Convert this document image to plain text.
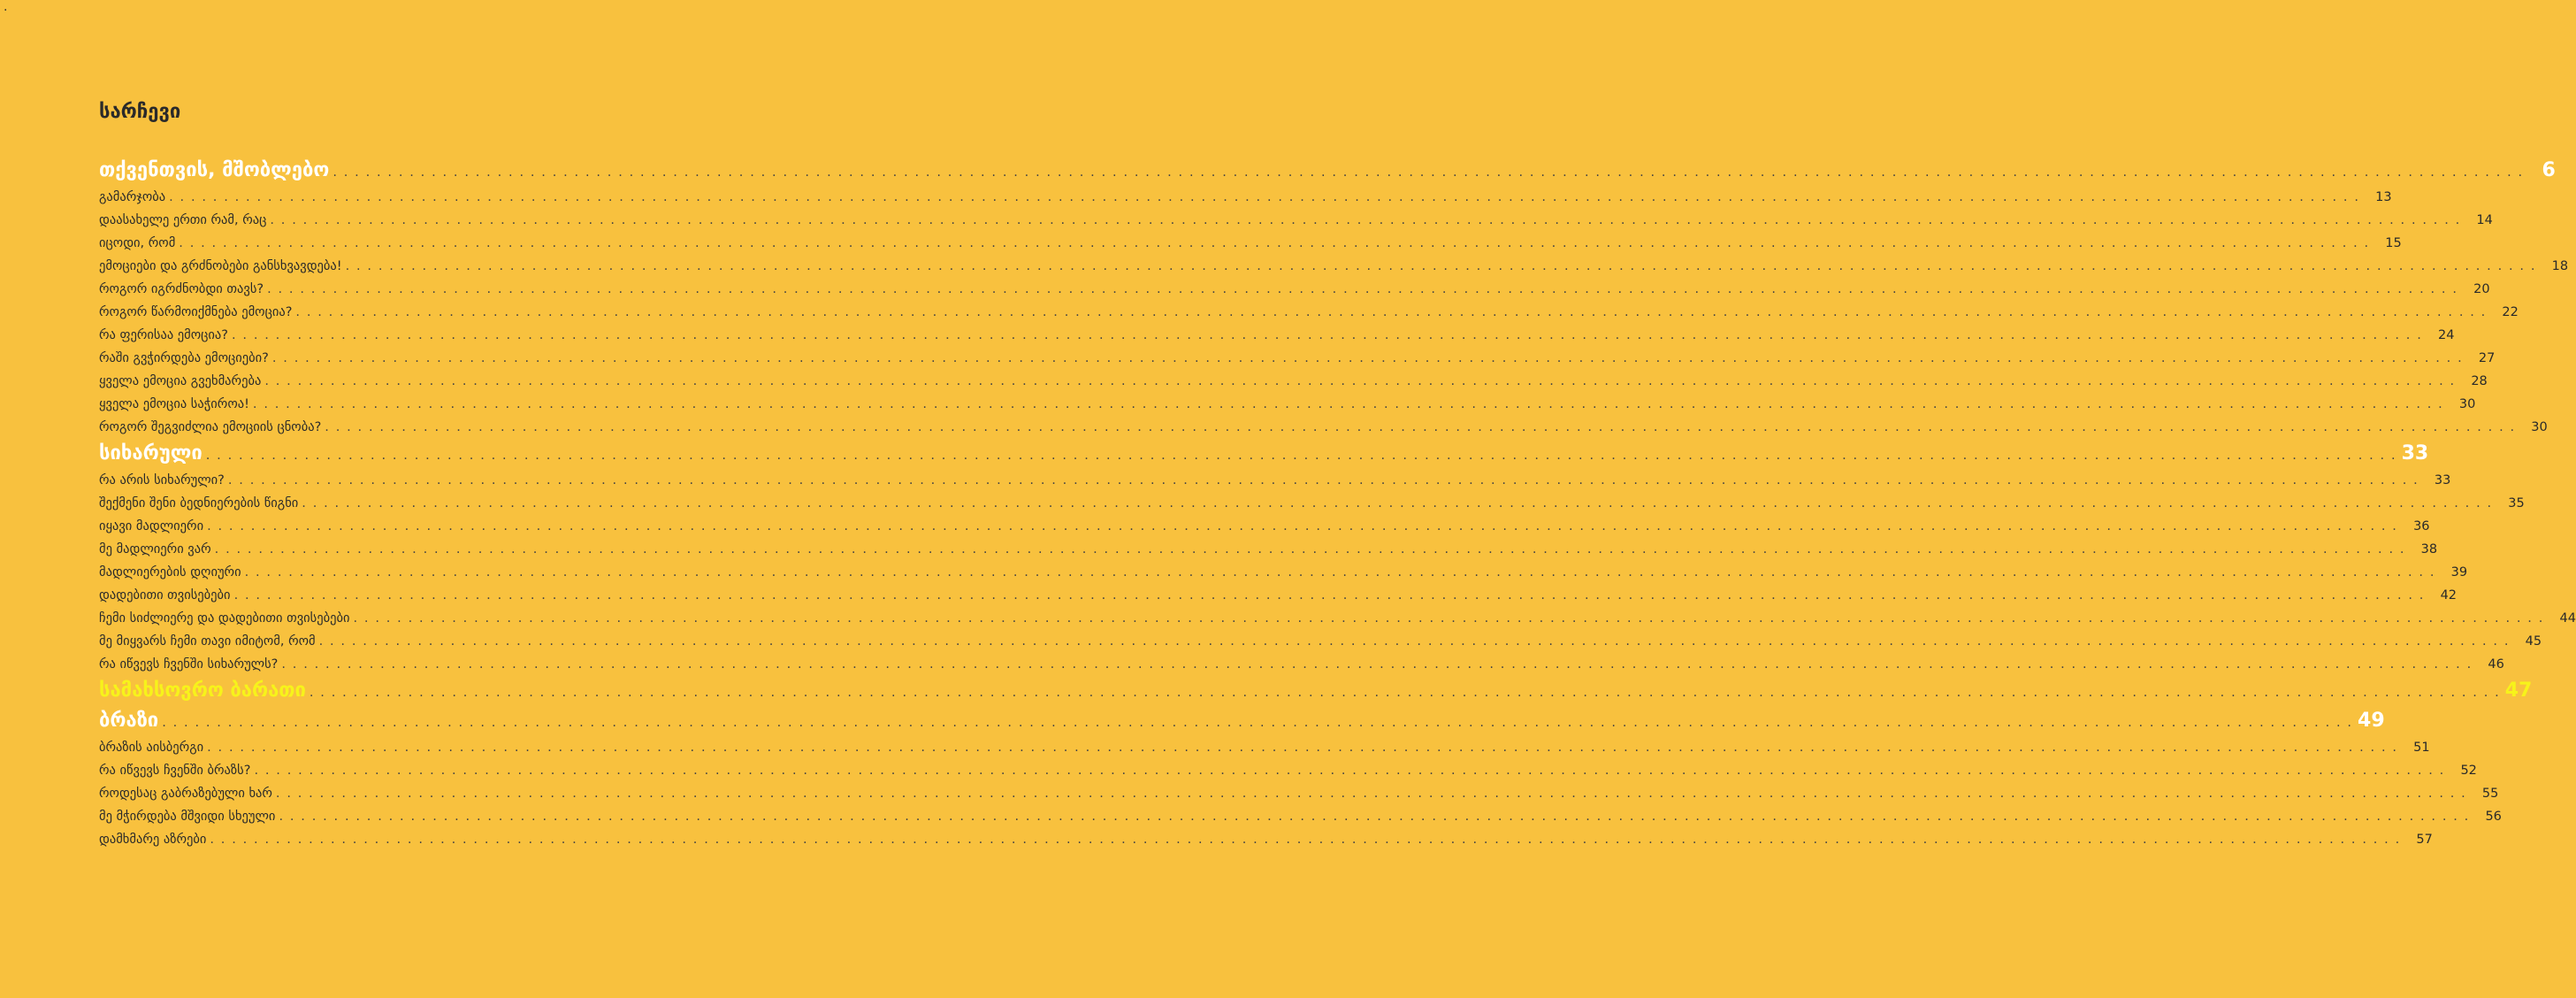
.
სარჩევი
თქვენთვის, მშობლებო . . . . . . . . . . . . . . . . . . . . . . . . . . . . . . . . . . . . . . . . . . . . . . . . . . . . . . . . . . . . . . . . . . . . . . . . . . . . . . . . . . . . . . . . . . . . . . . . . . . . . . . . . . . . . . . . . . . . . . . . . . . . . . . . . . . . . . . . . . . . . . . . . . . . . . . . . . . . . . . . . . . . . . . . . . . . . . . . . . . . . . . . . . . . . . . . . . . . . . . . 6
გამარჯობა . . . . . . . . . . . . . . . . . . . . . . . . . . . . . . . . . . . . . . . . . . . . . . . . . . . . . . . . . . . . . . . . . . . . . . . . . . . . . . . . . . . . . . . . . . . . . . . . . . . . . . . . . . . . . . . . . . . . . . . . . . . . . . . . . . . . . . . . . . . . . . . . . . . . . . . . . . . . . . . . . . . . . . . . . . . . . . . . . . . . . . . . . . . . . . . . . . . . . . . .	13
დაასახელე ერთი რამ, რაც . . . . . . . . . . . . . . . . . . . . . . . . . . . . . . . . . . . . . . . . . . . . . . . . . . . . . . . . . . . . . . . . . . . . . . . . . . . . . . . . . . . . . . . . . . . . . . . . . . . . . . . . . . . . . . . . . . . . . . . . . . . . . . . . . . . . . . . . . . . . . . . . . . . . . . . . . . . . . . . . . . . . . . . . . . . . . . . . . . . . . . . . . . . . . . . . . . . . . . . .	14
იცოდი, რომ . . . . . . . . . . . . . . . . . . . . . . . . . . . . . . . . . . . . . . . . . . . . . . . . . . . . . . . . . . . . . . . . . . . . . . . . . . . . . . . . . . . . . . . . . . . . . . . . . . . . . . . . . . . . . . . . . . . . . . . . . . . . . . . . . . . . . . . . . . . . . . . . . . . . . . . . . . . . . . . . . . . . . . . . . . . . . . . . . . . . . . . . . . . . . . . . . . . . . . . .	15
ემოციები და გრძნობები განსხვავდება! . . . . . . . . . . . . . . . . . . . . . . . . . . . . . . . . . . . . . . . . . . . . . . . . . . . . . . . . . . . . . . . . . . . . . . . . . . . . . . . . . . . . . . . . . . . . . . . . . . . . . . . . . . . . . . . . . . . . . . . . . . . . . . . . . . . . . . . . . . . . . . . . . . . . . . . . . . . . . . . . . . . . . . . . . . . . . . . . . . . . . . . . . . . . . . . . . . . . . . . .	18
როგორ იგრძნობდი თავს? . . . . . . . . . . . . . . . . . . . . . . . . . . . . . . . . . . . . . . . . . . . . . . . . . . . . . . . . . . . . . . . . . . . . . . . . . . . . . . . . . . . . . . . . . . . . . . . . . . . . . . . . . . . . . . . . . . . . . . . . . . . . . . . . . . . . . . . . . . . . . . . . . . . . . . . . . . . . . . . . . . . . . . . . . . . . . . . . . . . . . . . . . . . . . . . . . . . . . . . .	20
როგორ წარმოიქმნება ემოცია? . . . . . . . . . . . . . . . . . . . . . . . . . . . . . . . . . . . . . . . . . . . . . . . . . . . . . . . . . . . . . . . . . . . . . . . . . . . . . . . . . . . . . . . . . . . . . . . . . . . . . . . . . . . . . . . . . . . . . . . . . . . . . . . . . . . . . . . . . . . . . . . . . . . . . . . . . . . . . . . . . . . . . . . . . . . . . . . . . . . . . . . . . . . . . . . . . . . . . . . .	22
რა ფერისაა ემოცია? . . . . . . . . . . . . . . . . . . . . . . . . . . . . . . . . . . . . . . . . . . . . . . . . . . . . . . . . . . . . . . . . . . . . . . . . . . . . . . . . . . . . . . . . . . . . . . . . . . . . . . . . . . . . . . . . . . . . . . . . . . . . . . . . . . . . . . . . . . . . . . . . . . . . . . . . . . . . . . . . . . . . . . . . . . . . . . . . . . . . . . . . . . . . . . . . . . . . . . . .	24
რაში გვჭირდება ემოციები? . . . . . . . . . . . . . . . . . . . . . . . . . . . . . . . . . . . . . . . . . . . . . . . . . . . . . . . . . . . . . . . . . . . . . . . . . . . . . . . . . . . . . . . . . . . . . . . . . . . . . . . . . . . . . . . . . . . . . . . . . . . . . . . . . . . . . . . . . . . . . . . . . . . . . . . . . . . . . . . . . . . . . . . . . . . . . . . . . . . . . . . . . . . . . . . . . . . . . . . .	27
ყველა ემოცია გვეხმარება . . . . . . . . . . . . . . . . . . . . . . . . . . . . . . . . . . . . . . . . . . . . . . . . . . . . . . . . . . . . . . . . . . . . . . . . . . . . . . . . . . . . . . . . . . . . . . . . . . . . . . . . . . . . . . . . . . . . . . . . . . . . . . . . . . . . . . . . . . . . . . . . . . . . . . . . . . . . . . . . . . . . . . . . . . . . . . . . . . . . . . . . . . . . . . . . . . . . . . . .	28
ყველა ემოცია საჭიროა! . . . . . . . . . . . . . . . . . . . . . . . . . . . . . . . . . . . . . . . . . . . . . . . . . . . . . . . . . . . . . . . . . . . . . . . . . . . . . . . . . . . . . . . . . . . . . . . . . . . . . . . . . . . . . . . . . . . . . . . . . . . . . . . . . . . . . . . . . . . . . . . . . . . . . . . . . . . . . . . . . . . . . . . . . . . . . . . . . . . . . . . . . . . . . . . . . . . . . . . .	30
როგორ შეგვიძლია ემოციის ცნობა? . . . . . . . . . . . . . . . . . . . . . . . . . . . . . . . . . . . . . . . . . . . . . . . . . . . . . . . . . . . . . . . . . . . . . . . . . . . . . . . . . . . . . . . . . . . . . . . . . . . . . . . . . . . . . . . . . . . . . . . . . . . . . . . . . . . . . . . . . . . . . . . . . . . . . . . . . . . . . . . . . . . . . . . . . . . . . . . . . . . . . . . . . . . . . . . . . . . . . . . .	30
სიხარული . . . . . . . . . . . . . . . . . . . . . . . . . . . . . . . . . . . . . . . . . . . . . . . . . . . . . . . . . . . . . . . . . . . . . . . . . . . . . . . . . . . . . . . . . . . . . . . . . . . . . . . . . . . . . . . . . . . . . . . . . . . . . . . . . . . . . . . . . . . . . . . . . . . . . . . . . . . . . . . . . . . . . . . . . . . . . . . . . . . . . . . . . . . . . . . . . . . . . . . . 33
რა არის სიხარული? . . . . . . . . . . . . . . . . . . . . . . . . . . . . . . . . . . . . . . . . . . . . . . . . . . . . . . . . . . . . . . . . . . . . . . . . . . . . . . . . . . . . . . . . . . . . . . . . . . . . . . . . . . . . . . . . . . . . . . . . . . . . . . . . . . . . . . . . . . . . . . . . . . . . . . . . . . . . . . . . . . . . . . . . . . . . . . . . . . . . . . . . . . . . . . . . . . . . . . . .	33
შექმენი შენი ბედნიერების წიგნი . . . . . . . . . . . . . . . . . . . . . . . . . . . . . . . . . . . . . . . . . . . . . . . . . . . . . . . . . . . . . . . . . . . . . . . . . . . . . . . . . . . . . . . . . . . . . . . . . . . . . . . . . . . . . . . . . . . . . . . . . . . . . . . . . . . . . . . . . . . . . . . . . . . . . . . . . . . . . . . . . . . . . . . . . . . . . . . . . . . . . . . . . . . . . . . . . . . . . . . .	35
იყავი მადლიერი . . . . . . . . . . . . . . . . . . . . . . . . . . . . . . . . . . . . . . . . . . . . . . . . . . . . . . . . . . . . . . . . . . . . . . . . . . . . . . . . . . . . . . . . . . . . . . . . . . . . . . . . . . . . . . . . . . . . . . . . . . . . . . . . . . . . . . . . . . . . . . . . . . . . . . . . . . . . . . . . . . . . . . . . . . . . . . . . . . . . . . . . . . . . . . . . . . . . . . . .	36
მე მადლიერი ვარ . . . . . . . . . . . . . . . . . . . . . . . . . . . . . . . . . . . . . . . . . . . . . . . . . . . . . . . . . . . . . . . . . . . . . . . . . . . . . . . . . . . . . . . . . . . . . . . . . . . . . . . . . . . . . . . . . . . . . . . . . . . . . . . . . . . . . . . . . . . . . . . . . . . . . . . . . . . . . . . . . . . . . . . . . . . . . . . . . . . . . . . . . . . . . . . . . . . . . . . .	38
მადლიერების დღიური . . . . . . . . . . . . . . . . . . . . . . . . . . . . . . . . . . . . . . . . . . . . . . . . . . . . . . . . . . . . . . . . . . . . . . . . . . . . . . . . . . . . . . . . . . . . . . . . . . . . . . . . . . . . . . . . . . . . . . . . . . . . . . . . . . . . . . . . . . . . . . . . . . . . . . . . . . . . . . . . . . . . . . . . . . . . . . . . . . . . . . . . . . . . . . . . . . . . . . . .	39
დადებითი თვისებები . . . . . . . . . . . . . . . . . . . . . . . . . . . . . . . . . . . . . . . . . . . . . . . . . . . . . . . . . . . . . . . . . . . . . . . . . . . . . . . . . . . . . . . . . . . . . . . . . . . . . . . . . . . . . . . . . . . . . . . . . . . . . . . . . . . . . . . . . . . . . . . . . . . . . . . . . . . . . . . . . . . . . . . . . . . . . . . . . . . . . . . . . . . . . . . . . . . . . . . .	42
ჩემი სიძლიერე და დადებითი თვისებები . . . . . . . . . . . . . . . . . . . . . . . . . . . . . . . . . . . . . . . . . . . . . . . . . . . . . . . . . . . . . . . . . . . . . . . . . . . . . . . . . . . . . . . . . . . . . . . . . . . . . . . . . . . . . . . . . . . . . . . . . . . . . . . . . . . . . . . . . . . . . . . . . . . . . . . . . . . . . . . . . . . . . . . . . . . . . . . . . . . . . . . . . . . . . . . . . . . . . . . .	44
მე მიყვარს ჩემი თავი იმიტომ, რომ . . . . . . . . . . . . . . . . . . . . . . . . . . . . . . . . . . . . . . . . . . . . . . . . . . . . . . . . . . . . . . . . . . . . . . . . . . . . . . . . . . . . . . . . . . . . . . . . . . . . . . . . . . . . . . . . . . . . . . . . . . . . . . . . . . . . . . . . . . . . . . . . . . . . . . . . . . . . . . . . . . . . . . . . . . . . . . . . . . . . . . . . . . . . . . . . . . . . . . . .	45
რა იწვევს ჩვენში სიხარულს? . . . . . . . . . . . . . . . . . . . . . . . . . . . . . . . . . . . . . . . . . . . . . . . . . . . . . . . . . . . . . . . . . . . . . . . . . . . . . . . . . . . . . . . . . . . . . . . . . . . . . . . . . . . . . . . . . . . . . . . . . . . . . . . . . . . . . . . . . . . . . . . . . . . . . . . . . . . . . . . . . . . . . . . . . . . . . . . . . . . . . . . . . . . . . . . . . . . . . . . .	46
სამახსოვრო ბარათი . . . . . . . . . . . . . . . . . . . . . . . . . . . . . . . . . . . . . . . . . . . . . . . . . . . . . . . . . . . . . . . . . . . . . . . . . . . . . . . . . . . . . . . . . . . . . . . . . . . . . . . . . . . . . . . . . . . . . . . . . . . . . . . . . . . . . . . . . . . . . . . . . . . . . . . . . . . . . . . . . . . . . . . . . . . . . . . . . . . . . . . . . . . . . . . . . . . . . . . . 47
ბრაზი . . . . . . . . . . . . . . . . . . . . . . . . . . . . . . . . . . . . . . . . . . . . . . . . . . . . . . . . . . . . . . . . . . . . . . . . . . . . . . . . . . . . . . . . . . . . . . . . . . . . . . . . . . . . . . . . . . . . . . . . . . . . . . . . . . . . . . . . . . . . . . . . . . . . . . . . . . . . . . . . . . . . . . . . . . . . . . . . . . . . . . . . . . . . . . . . . . . . . . . . 49
ბრაზის აისბერგი . . . . . . . . . . . . . . . . . . . . . . . . . . . . . . . . . . . . . . . . . . . . . . . . . . . . . . . . . . . . . . . . . . . . . . . . . . . . . . . . . . . . . . . . . . . . . . . . . . . . . . . . . . . . . . . . . . . . . . . . . . . . . . . . . . . . . . . . . . . . . . . . . . . . . . . . . . . . . . . . . . . . . . . . . . . . . . . . . . . . . . . . . . . . . . . . . . . . . . . .	51
რა იწვევს ჩვენში ბრაზს? . . . . . . . . . . . . . . . . . . . . . . . . . . . . . . . . . . . . . . . . . . . . . . . . . . . . . . . . . . . . . . . . . . . . . . . . . . . . . . . . . . . . . . . . . . . . . . . . . . . . . . . . . . . . . . . . . . . . . . . . . . . . . . . . . . . . . . . . . . . . . . . . . . . . . . . . . . . . . . . . . . . . . . . . . . . . . . . . . . . . . . . . . . . . . . . . . . . . . . . .	52
როდესაც გაბრაზებული ხარ . . . . . . . . . . . . . . . . . . . . . . . . . . . . . . . . . . . . . . . . . . . . . . . . . . . . . . . . . . . . . . . . . . . . . . . . . . . . . . . . . . . . . . . . . . . . . . . . . . . . . . . . . . . . . . . . . . . . . . . . . . . . . . . . . . . . . . . . . . . . . . . . . . . . . . . . . . . . . . . . . . . . . . . . . . . . . . . . . . . . . . . . . . . . . . . . . . . . . . . .	55
მე მჭირდება მშვიდი სხეული . . . . . . . . . . . . . . . . . . . . . . . . . . . . . . . . . . . . . . . . . . . . . . . . . . . . . . . . . . . . . . . . . . . . . . . . . . . . . . . . . . . . . . . . . . . . . . . . . . . . . . . . . . . . . . . . . . . . . . . . . . . . . . . . . . . . . . . . . . . . . . . . . . . . . . . . . . . . . . . . . . . . . . . . . . . . . . . . . . . . . . . . . . . . . . . . . . . . . . . .	56
დამხმარე აზრები . . . . . . . . . . . . . . . . . . . . . . . . . . . . . . . . . . . . . . . . . . . . . . . . . . . . . . . . . . . . . . . . . . . . . . . . . . . . . . . . . . . . . . . . . . . . . . . . . . . . . . . . . . . . . . . . . . . . . . . . . . . . . . . . . . . . . . . . . . . . . . . . . . . . . . . . . . . . . . . . . . . . . . . . . . . . . . . . . . . . . . . . . . . . . . . . . . . . . . . .	57
